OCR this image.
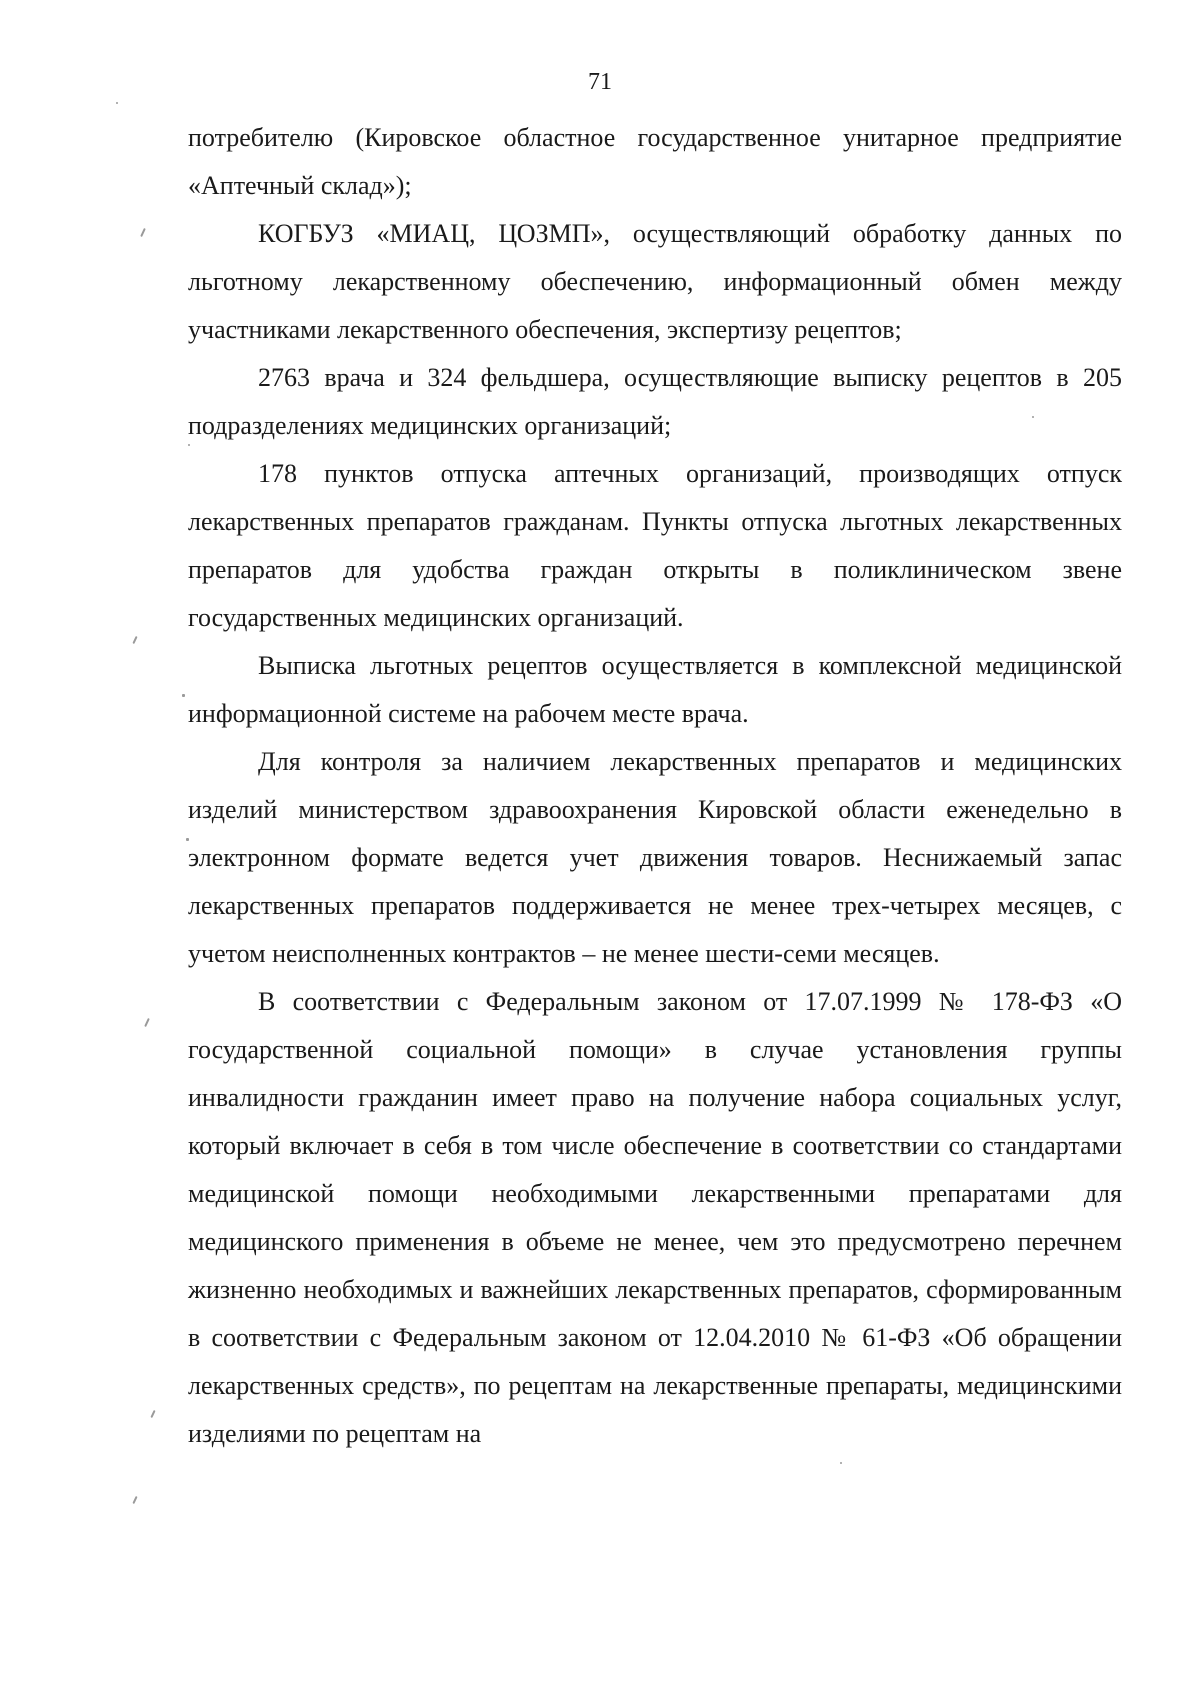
71

потребителю (Кировское областное государственное унитарное предприятие «Аптечный склад»);

КОГБУЗ «МИАЦ, ЦОЗМП», осуществляющий обработку данных по льготному лекарственному обеспечению, информационный обмен между участниками лекарственного обеспечения, экспертизу рецептов;

2763 врача и 324 фельдшера, осуществляющие выписку рецептов в 205 подразделениях медицинских организаций;

178 пунктов отпуска аптечных организаций, производящих отпуск лекарственных препаратов гражданам. Пункты отпуска льготных лекарственных препаратов для удобства граждан открыты в поликлиническом звене государственных медицинских организаций.

Выписка льготных рецептов осуществляется в комплексной медицинской информационной системе на рабочем месте врача.

Для контроля за наличием лекарственных препаратов и медицинских изделий министерством здравоохранения Кировской области еженедельно в электронном формате ведется учет движения товаров. Неснижаемый запас лекарственных препаратов поддерживается не менее трех-четырех месяцев, с учетом неисполненных контрактов – не менее шести-семи месяцев.

В соответствии с Федеральным законом от 17.07.1999 № 178-ФЗ «О государственной социальной помощи» в случае установления группы инвалидности гражданин имеет право на получение набора социальных услуг, который включает в себя в том числе обеспечение в соответствии со стандартами медицинской помощи необходимыми лекарственными препаратами для медицинского применения в объеме не менее, чем это предусмотрено перечнем жизненно необходимых и важнейших лекарственных препаратов, сформированным в соответствии с Федеральным законом от 12.04.2010 № 61-ФЗ «Об обращении лекарственных средств», по рецептам на лекарственные препараты, медицинскими изделиями по рецептам на
